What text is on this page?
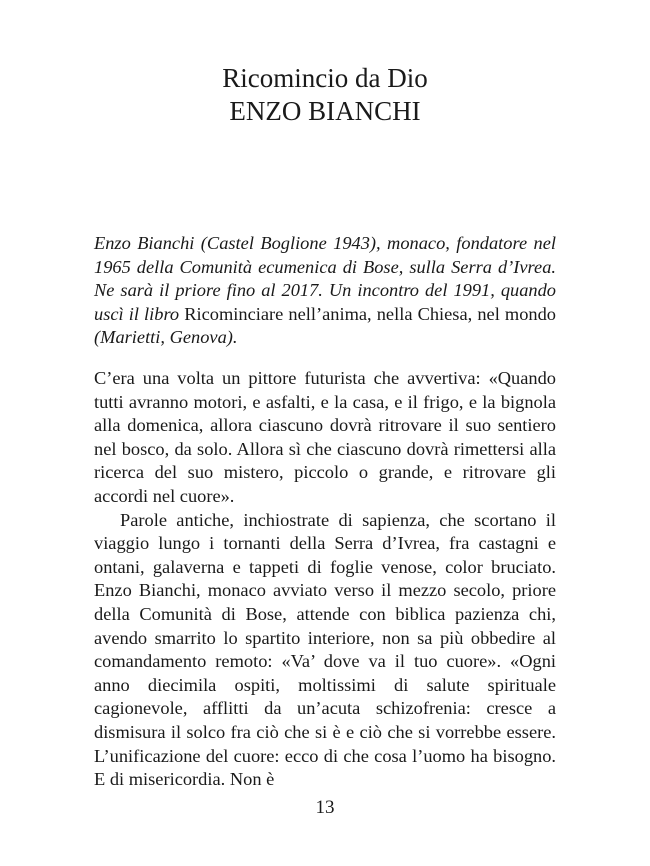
Ricomincio da Dio
ENZO BIANCHI

Enzo Bianchi (Castel Boglione 1943), monaco, fondatore nel 1965 della Comunità ecumenica di Bose, sulla Serra d’Ivrea. Ne sarà il priore fino al 2017. Un incontro del 1991, quando uscì il libro Ricominciare nell’anima, nella Chiesa, nel mondo (Marietti, Genova).

C’era una volta un pittore futurista che avvertiva: «Quando tutti avranno motori, e asfalti, e la casa, e il frigo, e la bignola alla domenica, allora ciascuno dovrà ritrovare il suo sentiero nel bosco, da solo. Allora sì che ciascuno dovrà rimettersi alla ricerca del suo mistero, piccolo o grande, e ritrovare gli accordi nel cuore».

Parole antiche, inchiostrate di sapienza, che scortano il viaggio lungo i tornanti della Serra d’Ivrea, fra castagni e ontani, galaverna e tappeti di foglie venose, color bruciato. Enzo Bianchi, monaco avviato verso il mezzo secolo, priore della Comunità di Bose, attende con biblica pazienza chi, avendo smarrito lo spartito interiore, non sa più obbedire al comandamento remoto: «Va’ dove va il tuo cuore». «Ogni anno diecimila ospiti, moltissimi di salute spirituale cagionevole, afflitti da un’acuta schizofrenia: cresce a dismisura il solco fra ciò che si è e ciò che si vorrebbe essere. L’unificazione del cuore: ecco di che cosa l’uomo ha bisogno. E di misericordia. Non è

13
